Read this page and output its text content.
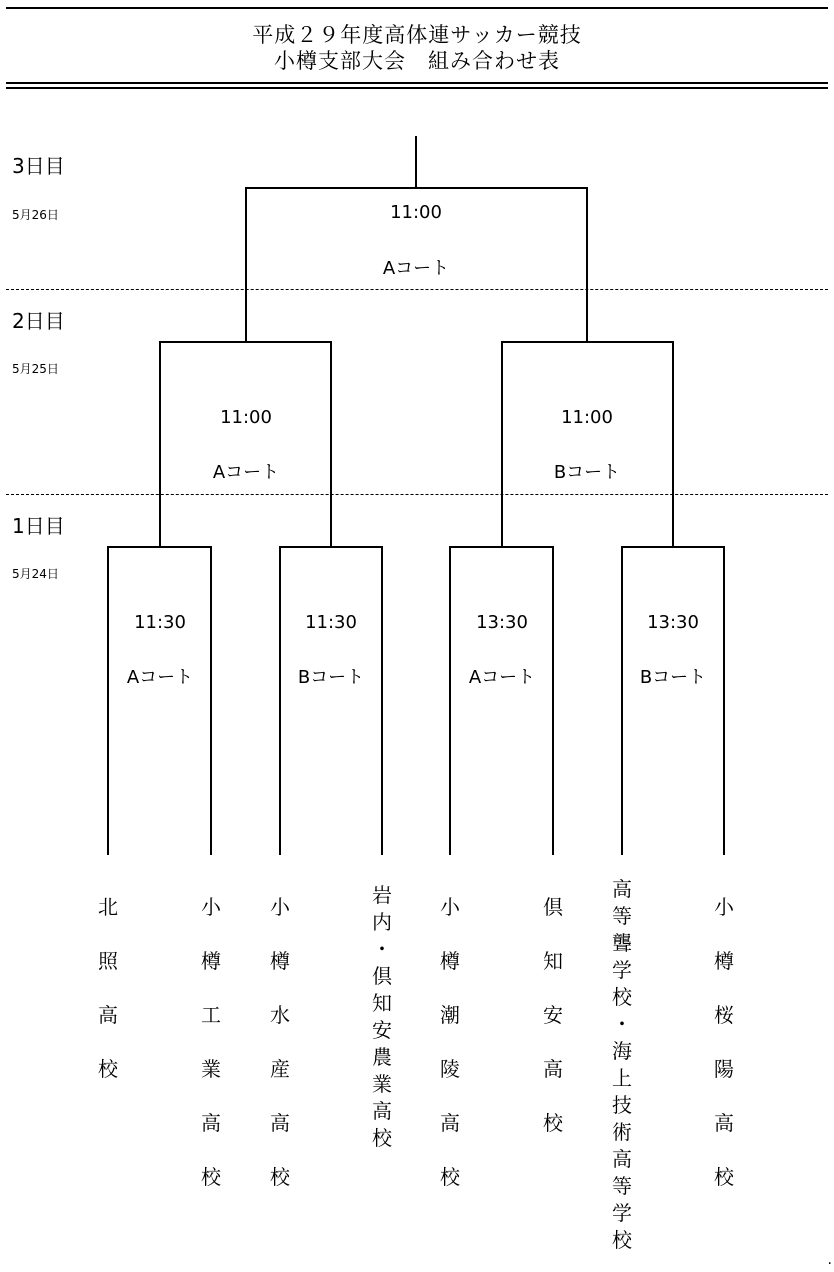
平成２９年度高体連サッカー競技
小樽支部大会　組み合わせ表
3日目
5月26日
2日目
5月25日
1日目
5月24日
11:00
Aコート
11:00
Aコート
11:00
Bコート
11:30
Aコート
11:30
Bコート
13:30
Aコート
13:30
Bコート
北
照
高
校
小
樽
工
業
高
校
小
樽
水
産
高
校
岩
内
・
倶
知
安
農
業
高
校
小
樽
潮
陵
高
校
倶
知
安
高
校
高
等
聾
学
校
・
海
上
技
術
高
等
学
校
小
樽
桜
陽
高
校
.
